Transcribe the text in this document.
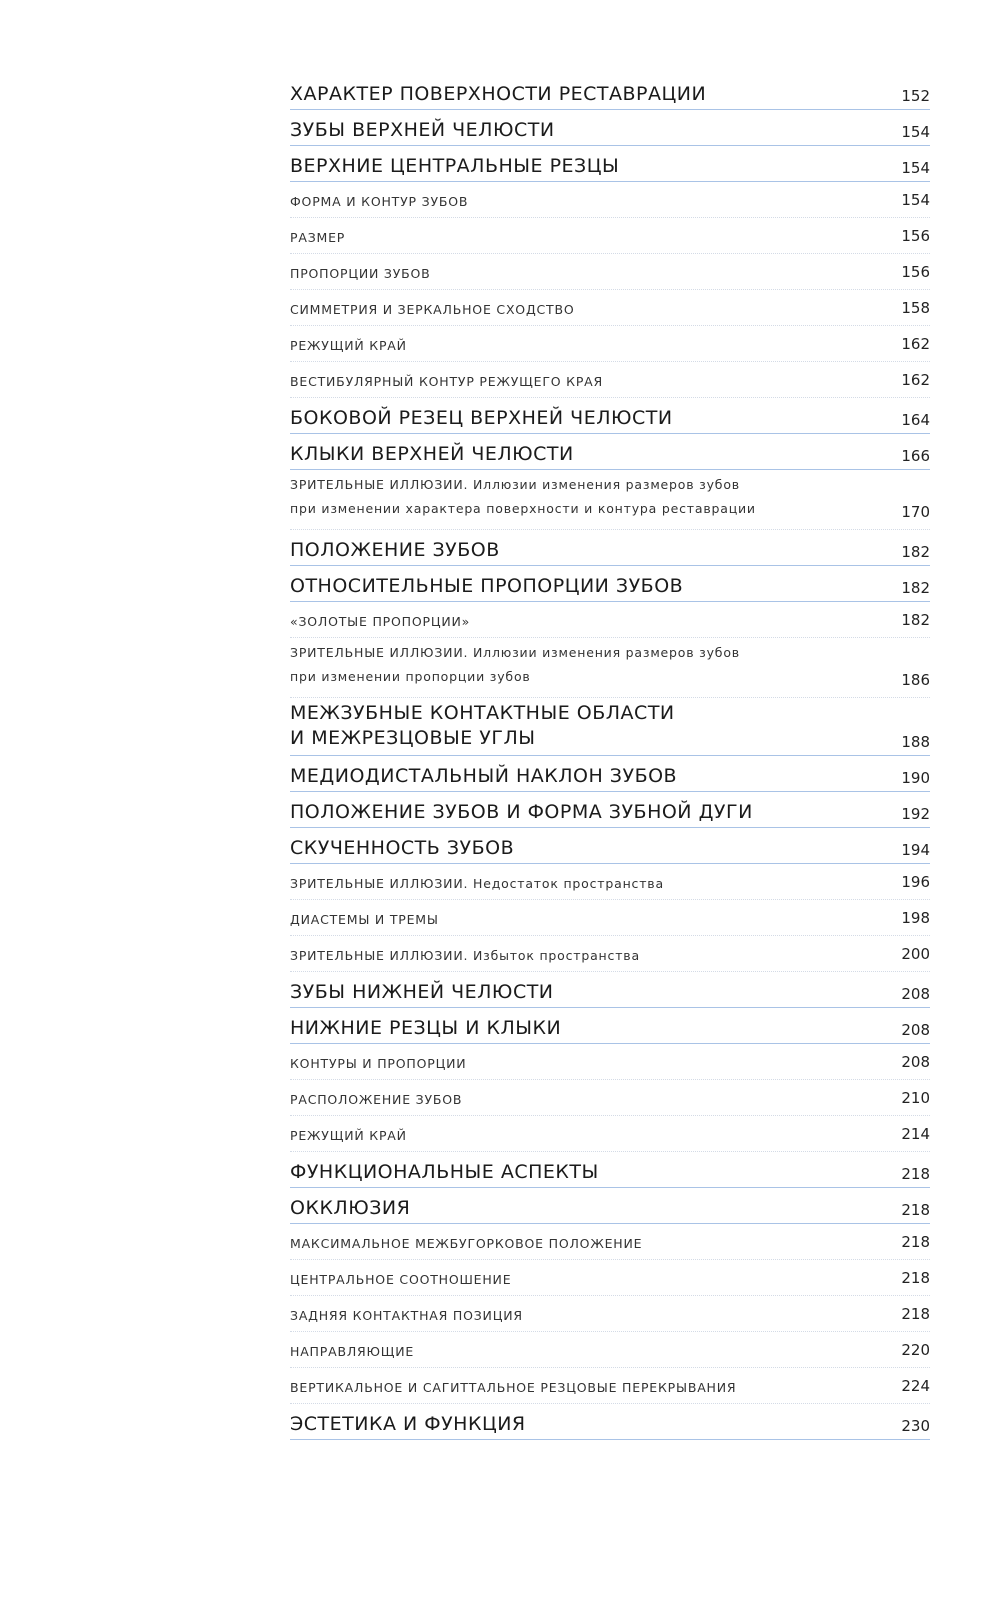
ХАРАКТЕР ПОВЕРХНОСТИ РЕСТАВРАЦИИ	152
ЗУБЫ ВЕРХНЕЙ ЧЕЛЮСТИ	154
ВЕРХНИЕ ЦЕНТРАЛЬНЫЕ РЕЗЦЫ	154
ФОРМА И КОНТУР ЗУБОВ	154
РАЗМЕР	156
ПРОПОРЦИИ ЗУБОВ	156
СИММЕТРИЯ И ЗЕРКАЛЬНОЕ СХОДСТВО	158
РЕЖУЩИЙ КРАЙ	162
ВЕСТИБУЛЯРНЫЙ КОНТУР РЕЖУЩЕГО КРАЯ	162
БОКОВОЙ РЕЗЕЦ ВЕРХНЕЙ ЧЕЛЮСТИ	164
КЛЫКИ ВЕРХНЕЙ ЧЕЛЮСТИ	166
ЗРИТЕЛЬНЫЕ ИЛЛЮЗИИ. Иллюзии изменения размеров зубов
при изменении характера поверхности и контура реставрации	170
ПОЛОЖЕНИЕ ЗУБОВ	182
ОТНОСИТЕЛЬНЫЕ ПРОПОРЦИИ ЗУБОВ	182
«ЗОЛОТЫЕ ПРОПОРЦИИ»	182
ЗРИТЕЛЬНЫЕ ИЛЛЮЗИИ. Иллюзии изменения размеров зубов
при изменении пропорции зубов	186
МЕЖЗУБНЫЕ КОНТАКТНЫЕ ОБЛАСТИ
И МЕЖРЕЗЦОВЫЕ УГЛЫ	188
МЕДИОДИСТАЛЬНЫЙ НАКЛОН ЗУБОВ	190
ПОЛОЖЕНИЕ ЗУБОВ И ФОРМА ЗУБНОЙ ДУГИ	192
СКУЧЕННОСТЬ ЗУБОВ	194
ЗРИТЕЛЬНЫЕ ИЛЛЮЗИИ. Недостаток пространства	196
ДИАСТЕМЫ И ТРЕМЫ	198
ЗРИТЕЛЬНЫЕ ИЛЛЮЗИИ. Избыток пространства	200
ЗУБЫ НИЖНЕЙ ЧЕЛЮСТИ	208
НИЖНИЕ РЕЗЦЫ И КЛЫКИ	208
КОНТУРЫ И ПРОПОРЦИИ	208
РАСПОЛОЖЕНИЕ ЗУБОВ	210
РЕЖУЩИЙ КРАЙ	214
ФУНКЦИОНАЛЬНЫЕ АСПЕКТЫ	218
ОККЛЮЗИЯ	218
МАКСИМАЛЬНОЕ МЕЖБУГОРКОВОЕ ПОЛОЖЕНИЕ	218
ЦЕНТРАЛЬНОЕ СООТНОШЕНИЕ	218
ЗАДНЯЯ КОНТАКТНАЯ ПОЗИЦИЯ	218
НАПРАВЛЯЮЩИЕ	220
ВЕРТИКАЛЬНОЕ И САГИТТАЛЬНОЕ РЕЗЦОВЫЕ ПЕРЕКРЫВАНИЯ	224
ЭСТЕТИКА И ФУНКЦИЯ	230
